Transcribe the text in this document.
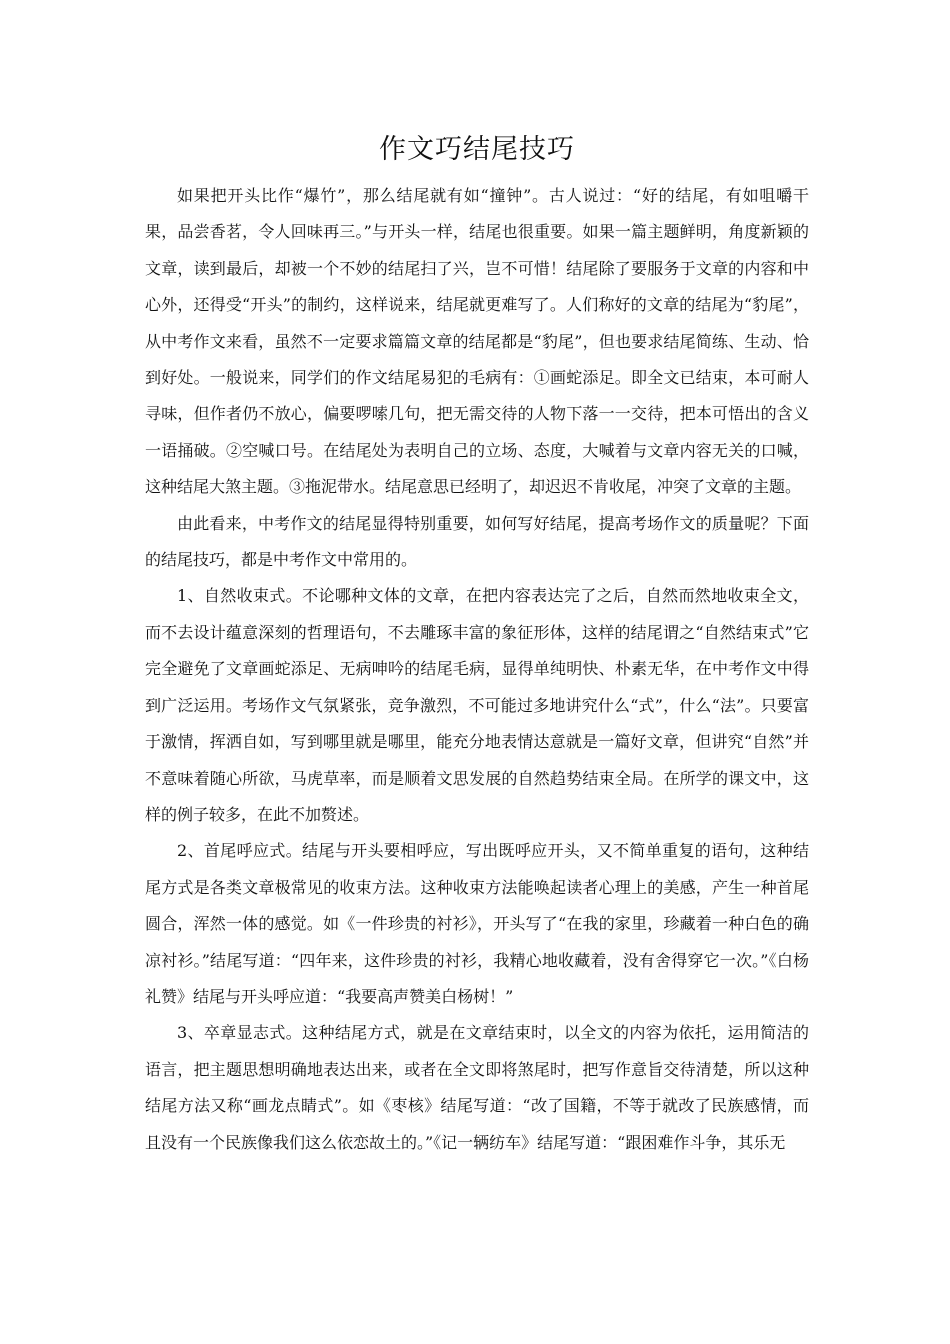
作文巧结尾技巧

如果把开头比作“爆竹”，那么结尾就有如“撞钟”。古人说过：“好的结尾，有如咀嚼干果，品尝香茗，令人回味再三。”与开头一样，结尾也很重要。如果一篇主题鲜明，角度新颖的文章，读到最后，却被一个不妙的结尾扫了兴，岂不可惜！结尾除了要服务于文章的内容和中心外，还得受“开头”的制约，这样说来，结尾就更难写了。人们称好的文章的结尾为“豹尾”，从中考作文来看，虽然不一定要求篇篇文章的结尾都是“豹尾”，但也要求结尾简练、生动、恰到好处。一般说来，同学们的作文结尾易犯的毛病有：①画蛇添足。即全文已结束，本可耐人寻味，但作者仍不放心，偏要啰嗦几句，把无需交待的人物下落一一交待，把本可悟出的含义一语捅破。②空喊口号。在结尾处为表明自己的立场、态度，大喊着与文章内容无关的口喊，这种结尾大煞主题。③拖泥带水。结尾意思已经明了，却迟迟不肯收尾，冲突了文章的主题。

由此看来，中考作文的结尾显得特别重要，如何写好结尾，提高考场作文的质量呢？下面的结尾技巧，都是中考作文中常用的。

1、自然收束式。不论哪种文体的文章，在把内容表达完了之后，自然而然地收束全文，而不去设计蕴意深刻的哲理语句，不去雕琢丰富的象征形体，这样的结尾谓之“自然结束式”它完全避免了文章画蛇添足、无病呻吟的结尾毛病，显得单纯明快、朴素无华，在中考作文中得到广泛运用。考场作文气氛紧张，竞争激烈，不可能过多地讲究什么“式”，什么“法”。只要富于激情，挥洒自如，写到哪里就是哪里，能充分地表情达意就是一篇好文章，但讲究“自然”并不意味着随心所欲，马虎草率，而是顺着文思发展的自然趋势结束全局。在所学的课文中，这样的例子较多，在此不加赘述。

2、首尾呼应式。结尾与开头要相呼应，写出既呼应开头，又不简单重复的语句，这种结尾方式是各类文章极常见的收束方法。这种收束方法能唤起读者心理上的美感，产生一种首尾圆合，浑然一体的感觉。如《一件珍贵的衬衫》，开头写了“在我的家里，珍藏着一种白色的确凉衬衫。”结尾写道：“四年来，这件珍贵的衬衫，我精心地收藏着，没有舍得穿它一次。”《白杨礼赞》结尾与开头呼应道：“我要高声赞美白杨树！”

3、卒章显志式。这种结尾方式，就是在文章结束时，以全文的内容为依托，运用简洁的语言，把主题思想明确地表达出来，或者在全文即将煞尾时，把写作意旨交待清楚，所以这种结尾方法又称“画龙点睛式”。如《枣核》结尾写道：“改了国籍，不等于就改了民族感情，而且没有一个民族像我们这么依恋故土的。”《记一辆纺车》结尾写道：“跟困难作斗争，其乐无
